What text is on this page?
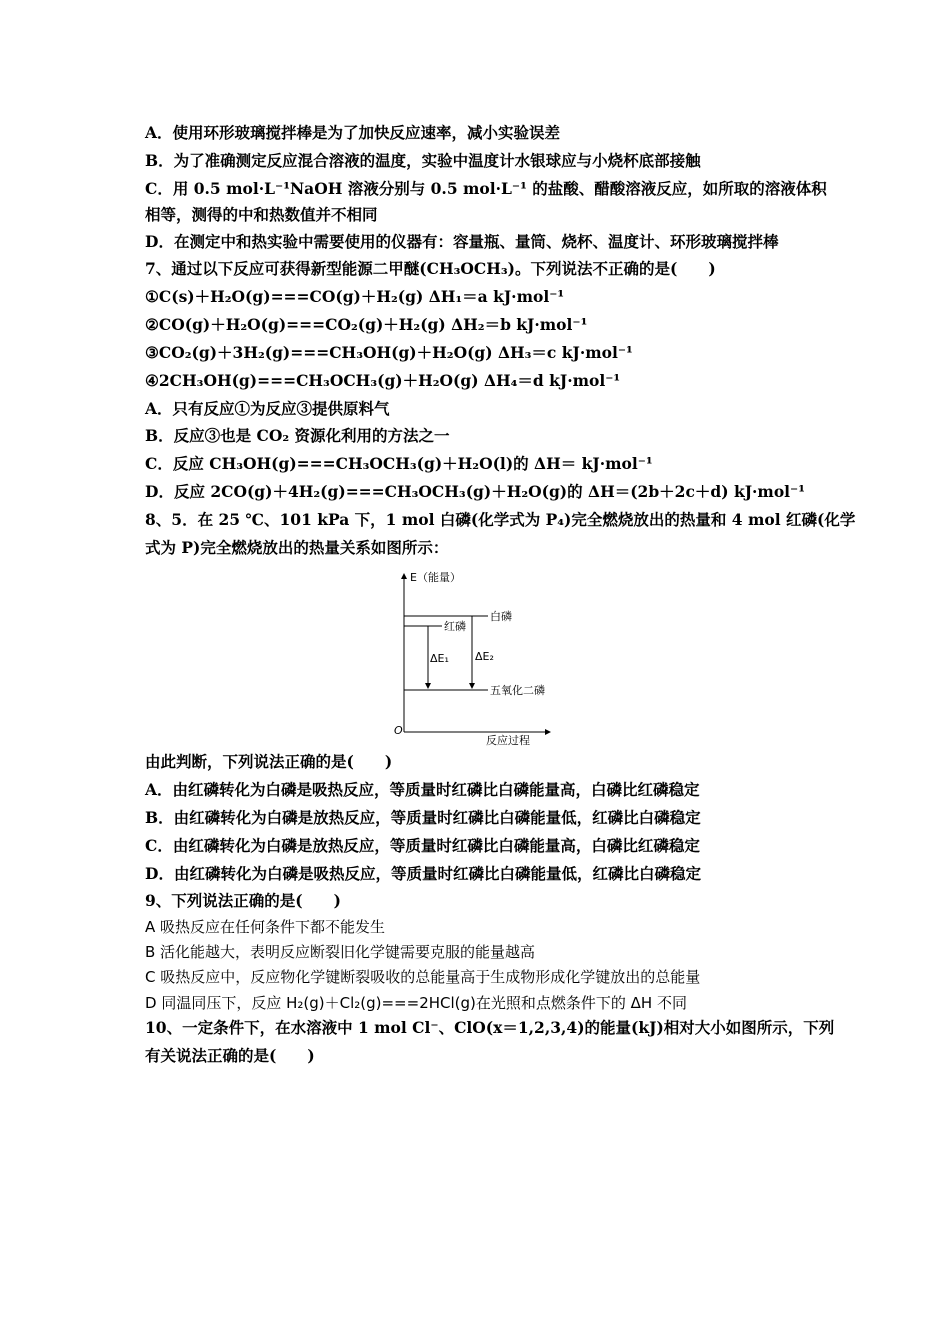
A．使用环形玻璃搅拌棒是为了加快反应速率，减小实验误差
B．为了准确测定反应混合溶液的温度，实验中温度计水银球应与小烧杯底部接触
C．用 0.5 mol·L⁻¹NaOH 溶液分别与 0.5 mol·L⁻¹ 的盐酸、醋酸溶液反应，如所取的溶液体积
相等，测得的中和热数值并不相同
D．在测定中和热实验中需要使用的仪器有：容量瓶、量筒、烧杯、温度计、环形玻璃搅拌棒
7、通过以下反应可获得新型能源二甲醚(CH₃OCH₃)。下列说法不正确的是(　　)
①C(s)＋H₂O(g)===CO(g)＋H₂(g) ΔH₁＝a kJ·mol⁻¹
②CO(g)＋H₂O(g)===CO₂(g)＋H₂(g) ΔH₂＝b kJ·mol⁻¹
③CO₂(g)＋3H₂(g)===CH₃OH(g)＋H₂O(g) ΔH₃＝c kJ·mol⁻¹
④2CH₃OH(g)===CH₃OCH₃(g)＋H₂O(g) ΔH₄＝d kJ·mol⁻¹
A．只有反应①为反应③提供原料气
B．反应③也是 CO₂ 资源化利用的方法之一
C．反应 CH₃OH(g)===CH₃OCH₃(g)＋H₂O(l)的 ΔH＝ kJ·mol⁻¹
D．反应 2CO(g)＋4H₂(g)===CH₃OCH₃(g)＋H₂O(g)的 ΔH＝(2b＋2c＋d) kJ·mol⁻¹
8、5．在 25 ℃、101 kPa 下，1 mol 白磷(化学式为 P₄)完全燃烧放出的热量和 4 mol 红磷(化学
式为 P)完全燃烧放出的热量关系如图所示：
E（能量）
白磷
红磷
五氧化二磷
ΔE₁ ΔE₂
O
反应过程
由此判断，下列说法正确的是(　　)
A．由红磷转化为白磷是吸热反应，等质量时红磷比白磷能量高，白磷比红磷稳定
B．由红磷转化为白磷是放热反应，等质量时红磷比白磷能量低，红磷比白磷稳定
C．由红磷转化为白磷是放热反应，等质量时红磷比白磷能量高，白磷比红磷稳定
D．由红磷转化为白磷是吸热反应，等质量时红磷比白磷能量低，红磷比白磷稳定
9、下列说法正确的是(　　)
A 吸热反应在任何条件下都不能发生
B 活化能越大，表明反应断裂旧化学键需要克服的能量越高
C 吸热反应中，反应物化学键断裂吸收的总能量高于生成物形成化学键放出的总能量
D 同温同压下，反应 H₂(g)＋Cl₂(g)===2HCl(g)在光照和点燃条件下的 ΔH 不同
10、一定条件下，在水溶液中 1 mol Cl⁻、ClO(x＝1,2,3,4)的能量(kJ)相对大小如图所示，下列
有关说法正确的是(　　)
